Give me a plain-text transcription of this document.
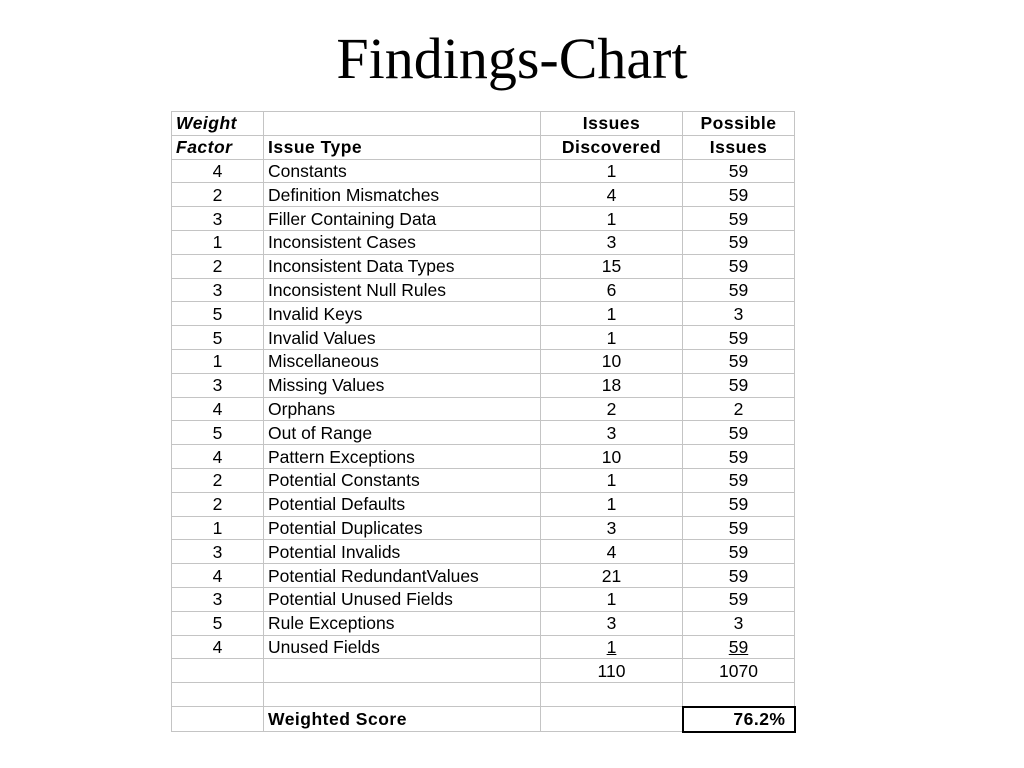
Findings-Chart
Weight		Issues	Possible
Factor	Issue Type	Discovered	Issues
4	Constants	1	59
2	Definition Mismatches	4	59
3	Filler Containing Data	1	59
1	Inconsistent Cases	3	59
2	Inconsistent Data Types	15	59
3	Inconsistent Null Rules	6	59
5	Invalid Keys	1	3
5	Invalid Values	1	59
1	Miscellaneous	10	59
3	Missing Values	18	59
4	Orphans	2	2
5	Out of Range	3	59
4	Pattern Exceptions	10	59
2	Potential Constants	1	59
2	Potential Defaults	1	59
1	Potential Duplicates	3	59
3	Potential Invalids	4	59
4	Potential RedundantValues	21	59
3	Potential Unused Fields	1	59
5	Rule Exceptions	3	3
4	Unused Fields	1	59
		110	1070

	Weighted Score		76.2%
